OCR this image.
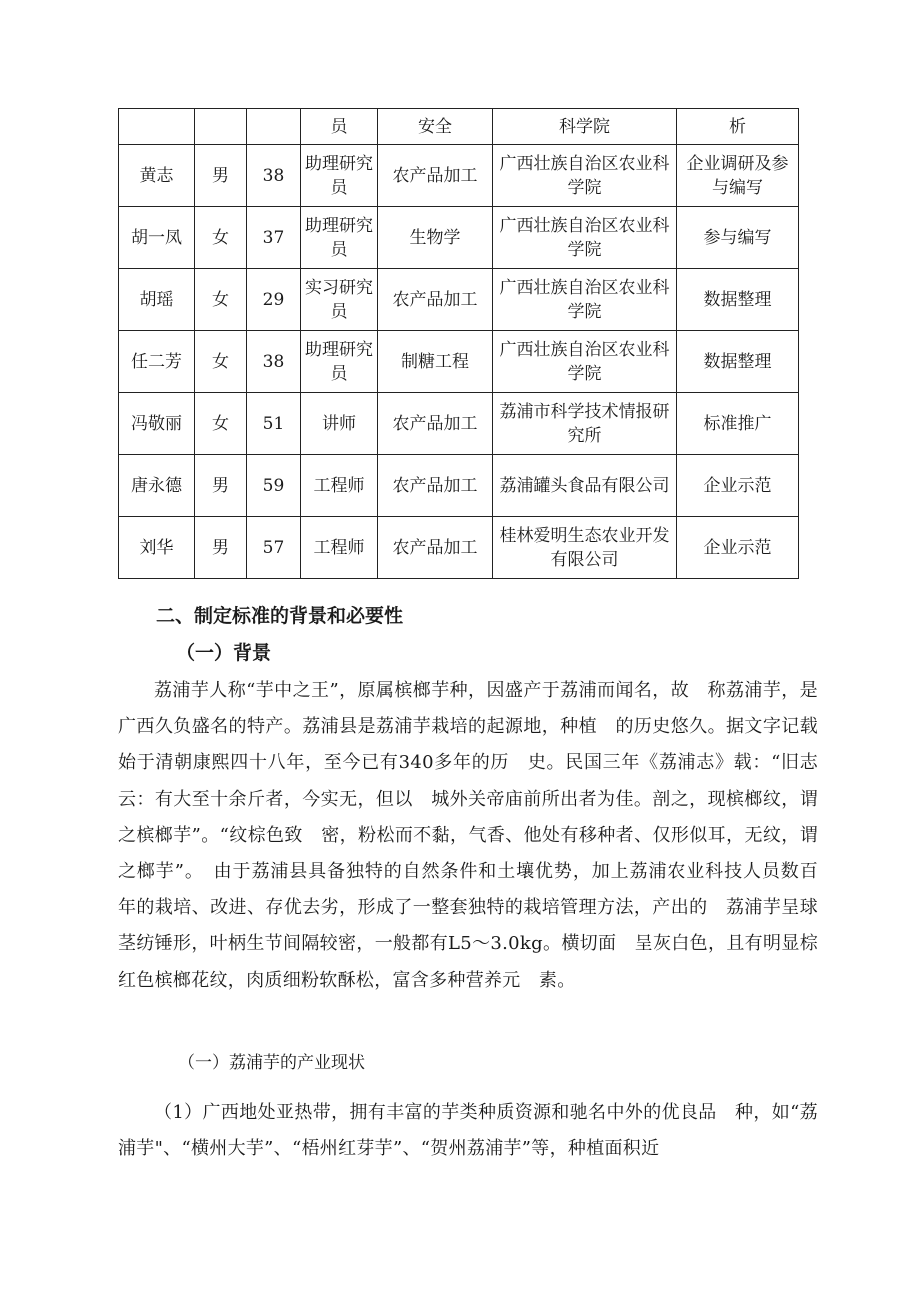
			员	安全	科学院	析
黄志	男	38	助理研究员	农产品加工	广西壮族自治区农业科学院	企业调研及参与编写
胡一凤	女	37	助理研究员	生物学	广西壮族自治区农业科学院	参与编写
胡瑶	女	29	实习研究员	农产品加工	广西壮族自治区农业科学院	数据整理
任二芳	女	38	助理研究员	制糖工程	广西壮族自治区农业科学院	数据整理
冯敬丽	女	51	讲师	农产品加工	荔浦市科学技术情报研究所	标准推广
唐永德	男	59	工程师	农产品加工	荔浦罐头食品有限公司	企业示范
刘华	男	57	工程师	农产品加工	桂林爱明生态农业开发有限公司	企业示范
二、制定标准的背景和必要性
（一）背景

荔浦芋人称“芋中之王”，原属槟榔芋种，因盛产于荔浦而闻名，故　称荔浦芋，是广西久负盛名的特产。荔浦县是荔浦芋栽培的起源地，种植　的历史悠久。据文字记载始于清朝康熙四十八年，至今已有340多年的历　史。民国三年《荔浦志》载：“旧志云：有大至十余斤者，今实无，但以　城外关帝庙前所出者为佳。剖之，现槟榔纹，谓之槟榔芋”。“纹棕色致　密，粉松而不黏，气香、他处有移种者、仅形似耳，无纹，谓之榔芋”。　由于荔浦县具备独特的自然条件和土壤优势，加上荔浦农业科技人员数百　年的栽培、改进、存优去劣，形成了一整套独特的栽培管理方法，产出的　荔浦芋呈球茎纺锤形，叶柄生节间隔较密，一般都有L5～3.0kg。横切面　呈灰白色，且有明显棕红色槟榔花纹，肉质细粉软酥松，富含多种营养元　素。

（一）荔浦芋的产业现状

（1）广西地处亚热带，拥有丰富的芋类种质资源和驰名中外的优良品　种，如“荔浦芋"、“横州大芋”、“梧州红芽芋”、“贺州荔浦芋”等，种植面积近
